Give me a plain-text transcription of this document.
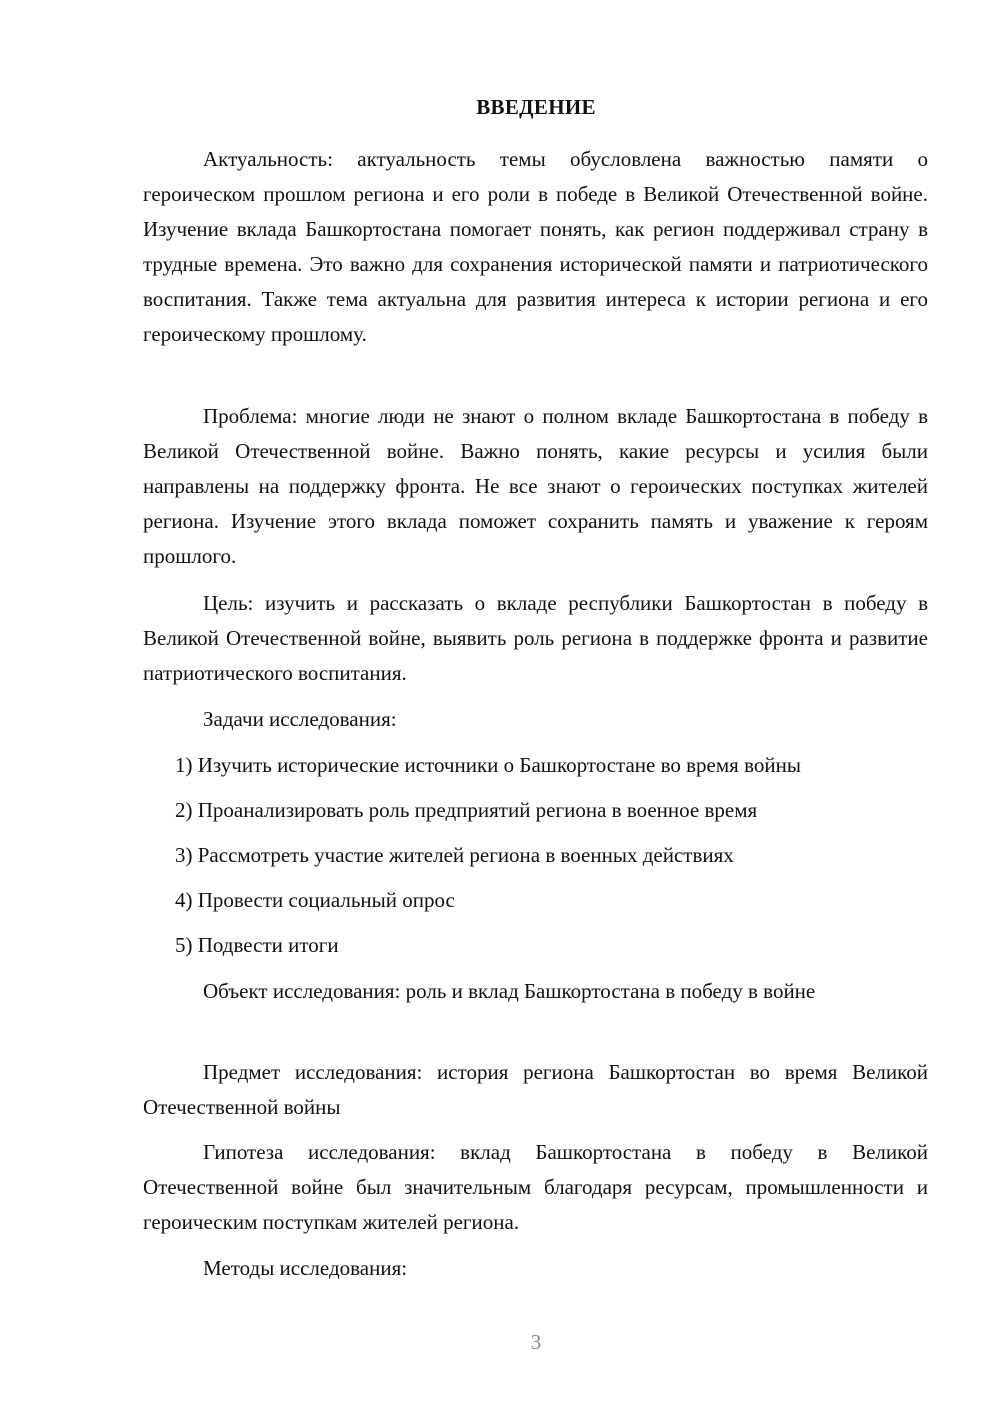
ВВЕДЕНИЕ

Актуальность: актуальность темы обусловлена важностью памяти о героическом прошлом региона и его роли в победе в Великой Отечественной войне. Изучение вклада Башкортостана помогает понять, как регион поддерживал страну в трудные времена. Это важно для сохранения исторической памяти и патриотического воспитания. Также тема актуальна для развития интереса к истории региона и его героическому прошлому.

Проблема: многие люди не знают о полном вкладе Башкортостана в победу в Великой Отечественной войне. Важно понять, какие ресурсы и усилия были направлены на поддержку фронта. Не все знают о героических поступках жителей региона. Изучение этого вклада поможет сохранить память и уважение к героям прошлого.

Цель: изучить и рассказать о вкладе республики Башкортостан в победу в Великой Отечественной войне, выявить роль региона в поддержке фронта и развитие патриотического воспитания.

Задачи исследования:
1) Изучить исторические источники о Башкортостане во время войны
2) Проанализировать роль предприятий региона в военное время
3) Рассмотреть участие жителей региона в военных действиях
4) Провести социальный опрос
5) Подвести итоги

Объект исследования: роль и вклад Башкортостана в победу в войне

Предмет исследования: история региона Башкортостан во время Великой Отечественной войны

Гипотеза исследования: вклад Башкортостана в победу в Великой Отечественной войне был значительным благодаря ресурсам, промышленности и героическим поступкам жителей региона.

Методы исследования:
3
